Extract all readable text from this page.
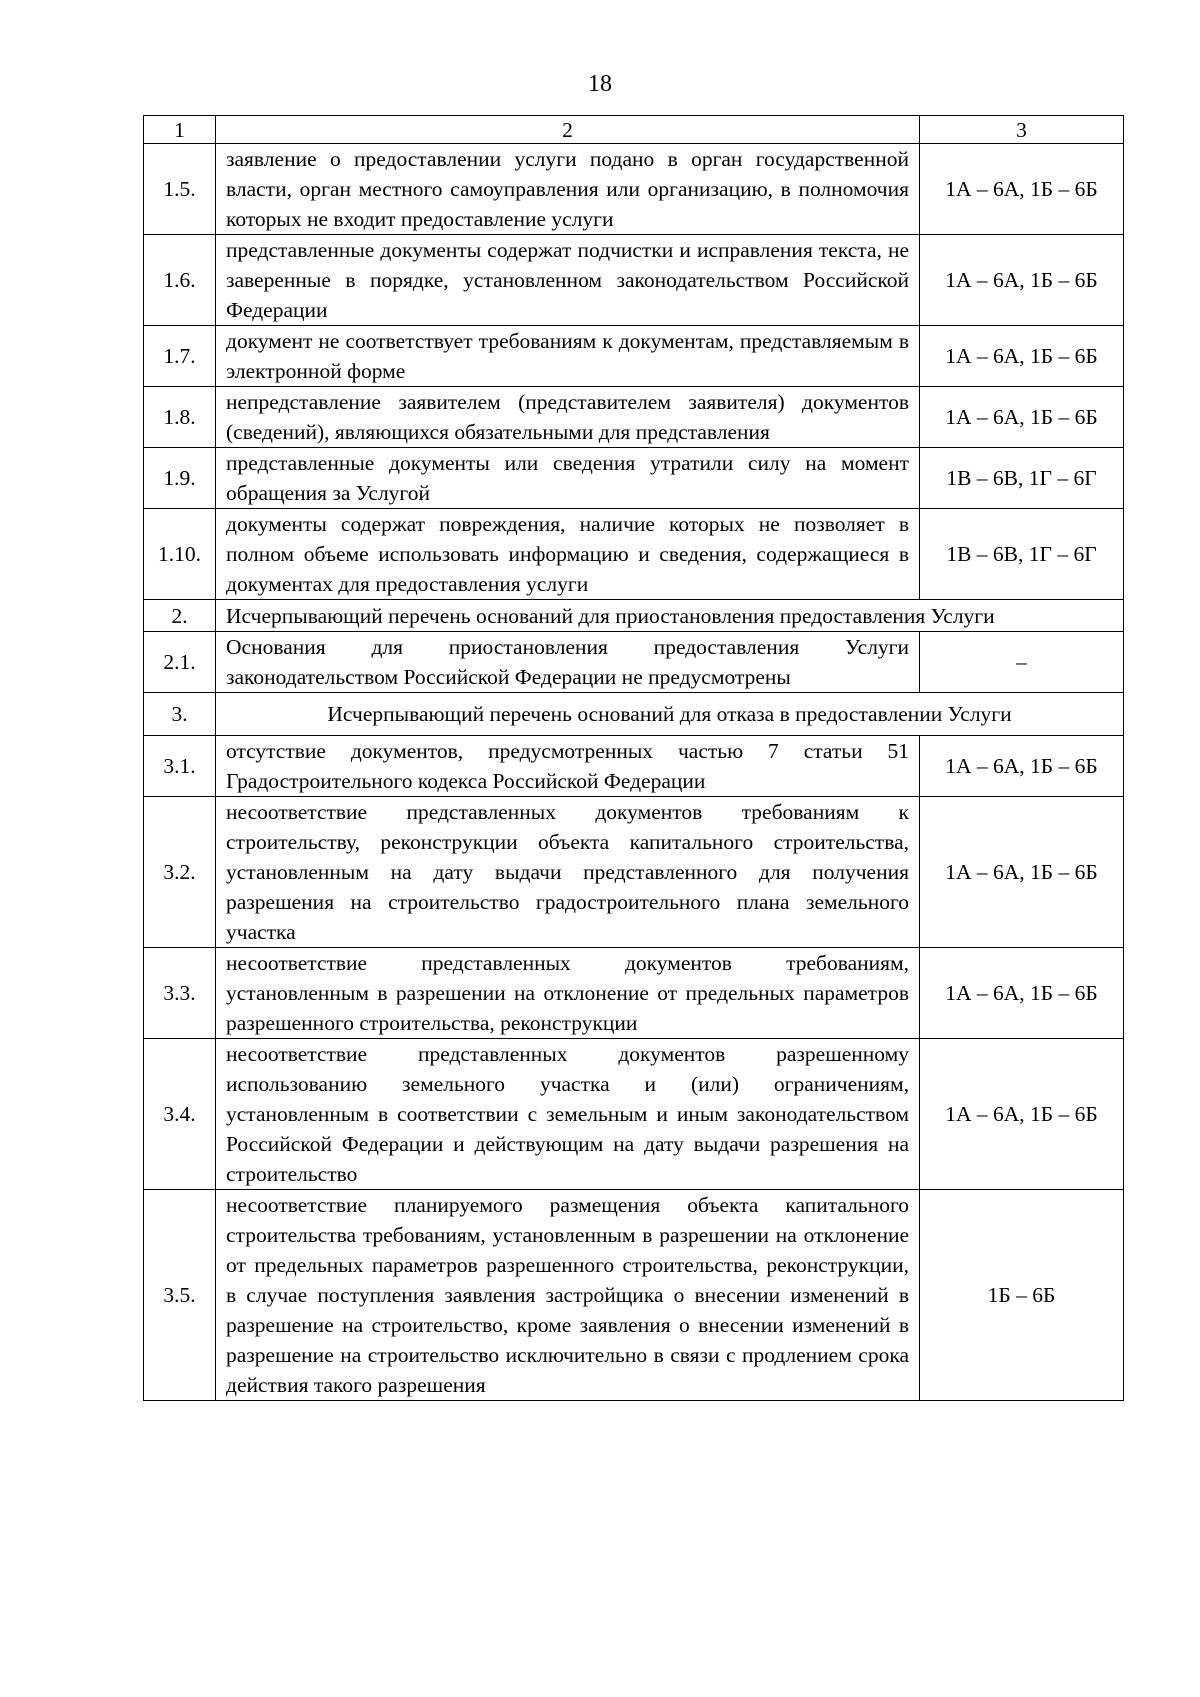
18
1	2	3
1.5.	заявление о предоставлении услуги подано в орган государственной власти, орган местного самоуправления или организацию, в полномочия которых не входит предоставление услуги	1А – 6А, 1Б – 6Б
1.6.	представленные документы содержат подчистки и исправления текста, не заверенные в порядке, установленном законодательством Российской Федерации	1А – 6А, 1Б – 6Б
1.7.	документ не соответствует требованиям к документам, представляемым в электронной форме	1А – 6А, 1Б – 6Б
1.8.	непредставление заявителем (представителем заявителя) документов (сведений), являющихся обязательными для представления	1А – 6А, 1Б – 6Б
1.9.	представленные документы или сведения утратили силу на момент обращения за Услугой	1В – 6В, 1Г – 6Г
1.10.	документы содержат повреждения, наличие которых не позволяет в полном объеме использовать информацию и сведения, содержащиеся в документах для предоставления услуги	1В – 6В, 1Г – 6Г
2.	Исчерпывающий перечень оснований для приостановления предоставления Услуги	
2.1.	Основания для приостановления предоставления Услуги законодательством Российской Федерации не предусмотрены	–
3.	Исчерпывающий перечень оснований для отказа в предоставлении Услуги	
3.1.	отсутствие документов, предусмотренных частью 7 статьи 51 Градостроительного кодекса Российской Федерации	1А – 6А, 1Б – 6Б
3.2.	несоответствие представленных документов требованиям к строительству, реконструкции объекта капитального строительства, установленным на дату выдачи представленного для получения разрешения на строительство градостроительного плана земельного участка	1А – 6А, 1Б – 6Б
3.3.	несоответствие представленных документов требованиям, установленным в разрешении на отклонение от предельных параметров разрешенного строительства, реконструкции	1А – 6А, 1Б – 6Б
3.4.	несоответствие представленных документов разрешенному использованию земельного участка и (или) ограничениям, установленным в соответствии с земельным и иным законодательством Российской Федерации и действующим на дату выдачи разрешения на строительство	1А – 6А, 1Б – 6Б
3.5.	несоответствие планируемого размещения объекта капитального строительства требованиям, установленным в разрешении на отклонение от предельных параметров разрешенного строительства, реконструкции, в случае поступления заявления застройщика о внесении изменений в разрешение на строительство, кроме заявления о внесении изменений в разрешение на строительство исключительно в связи с продлением срока действия такого разрешения	1Б – 6Б
